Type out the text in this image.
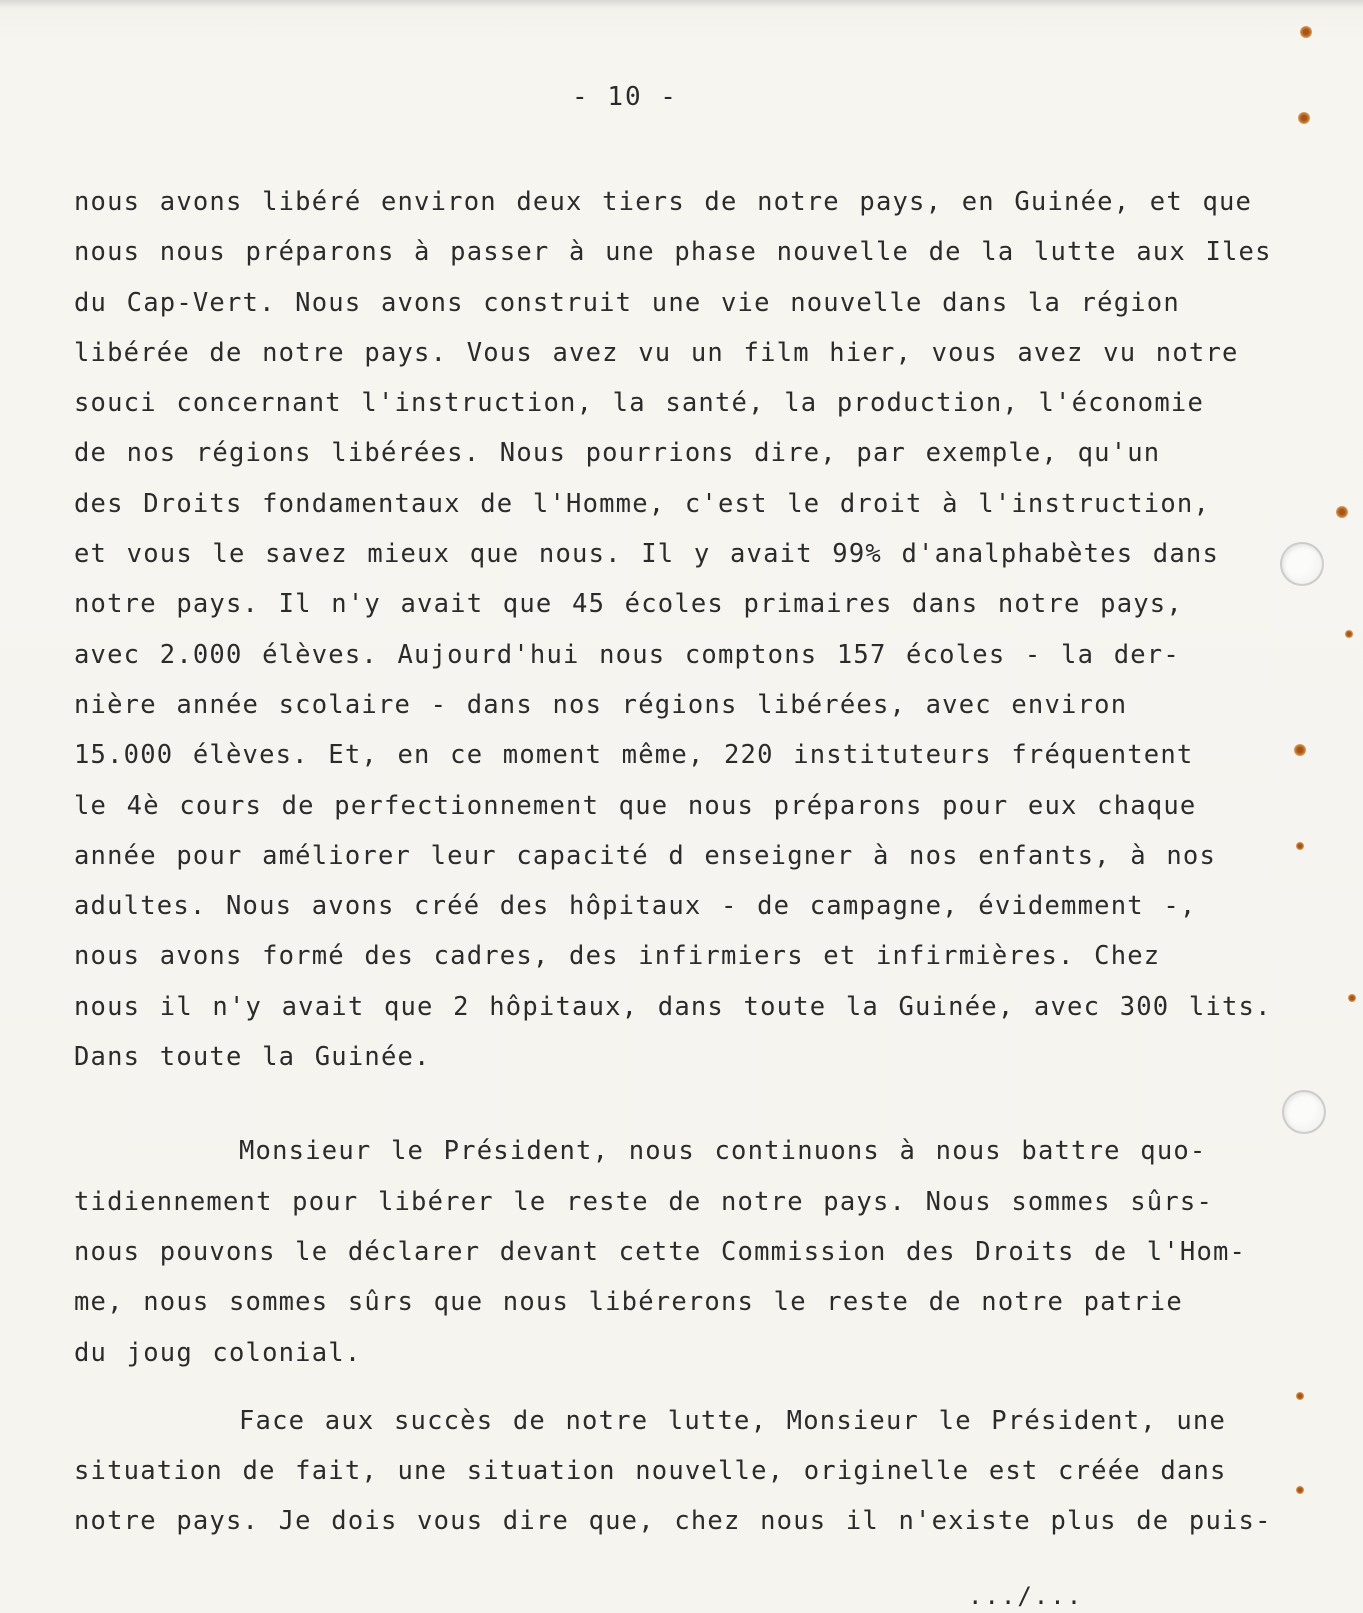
- 10 -
nous avons libéré environ deux tiers de notre pays, en Guinée, et que
nous nous préparons à passer à une phase nouvelle de la lutte aux Iles
du Cap-Vert. Nous avons construit une vie nouvelle dans la région
libérée de notre pays. Vous avez vu un film hier, vous avez vu notre
souci concernant l'instruction, la santé, la production, l'économie
de nos régions libérées. Nous pourrions dire, par exemple, qu'un
des Droits fondamentaux de l'Homme, c'est le droit à l'instruction,
et vous le savez mieux que nous. Il y avait 99% d'analphabètes dans
notre pays. Il n'y avait que 45 écoles primaires dans notre pays,
avec 2.000 élèves. Aujourd'hui nous comptons 157 écoles - la der-
nière année scolaire - dans nos régions libérées, avec environ
15.000 élèves. Et, en ce moment même, 220 instituteurs fréquentent
le 4è cours de perfectionnement que nous préparons pour eux chaque
année pour améliorer leur capacité d enseigner à nos enfants, à nos
adultes. Nous avons créé des hôpitaux - de campagne, évidemment -,
nous avons formé des cadres, des infirmiers et infirmières. Chez
nous il n'y avait que 2 hôpitaux, dans toute la Guinée, avec 300 lits.
Dans toute la Guinée.
Monsieur le Président, nous continuons à nous battre quo-
tidiennement pour libérer le reste de notre pays. Nous sommes sûrs-
nous pouvons le déclarer devant cette Commission des Droits de l'Hom-
me, nous sommes sûrs que nous libérerons le reste de notre patrie
du joug colonial.
Face aux succès de notre lutte, Monsieur le Président, une
situation de fait, une situation nouvelle, originelle est créée dans
notre pays. Je dois vous dire que, chez nous il n'existe plus de puis-
.../...
